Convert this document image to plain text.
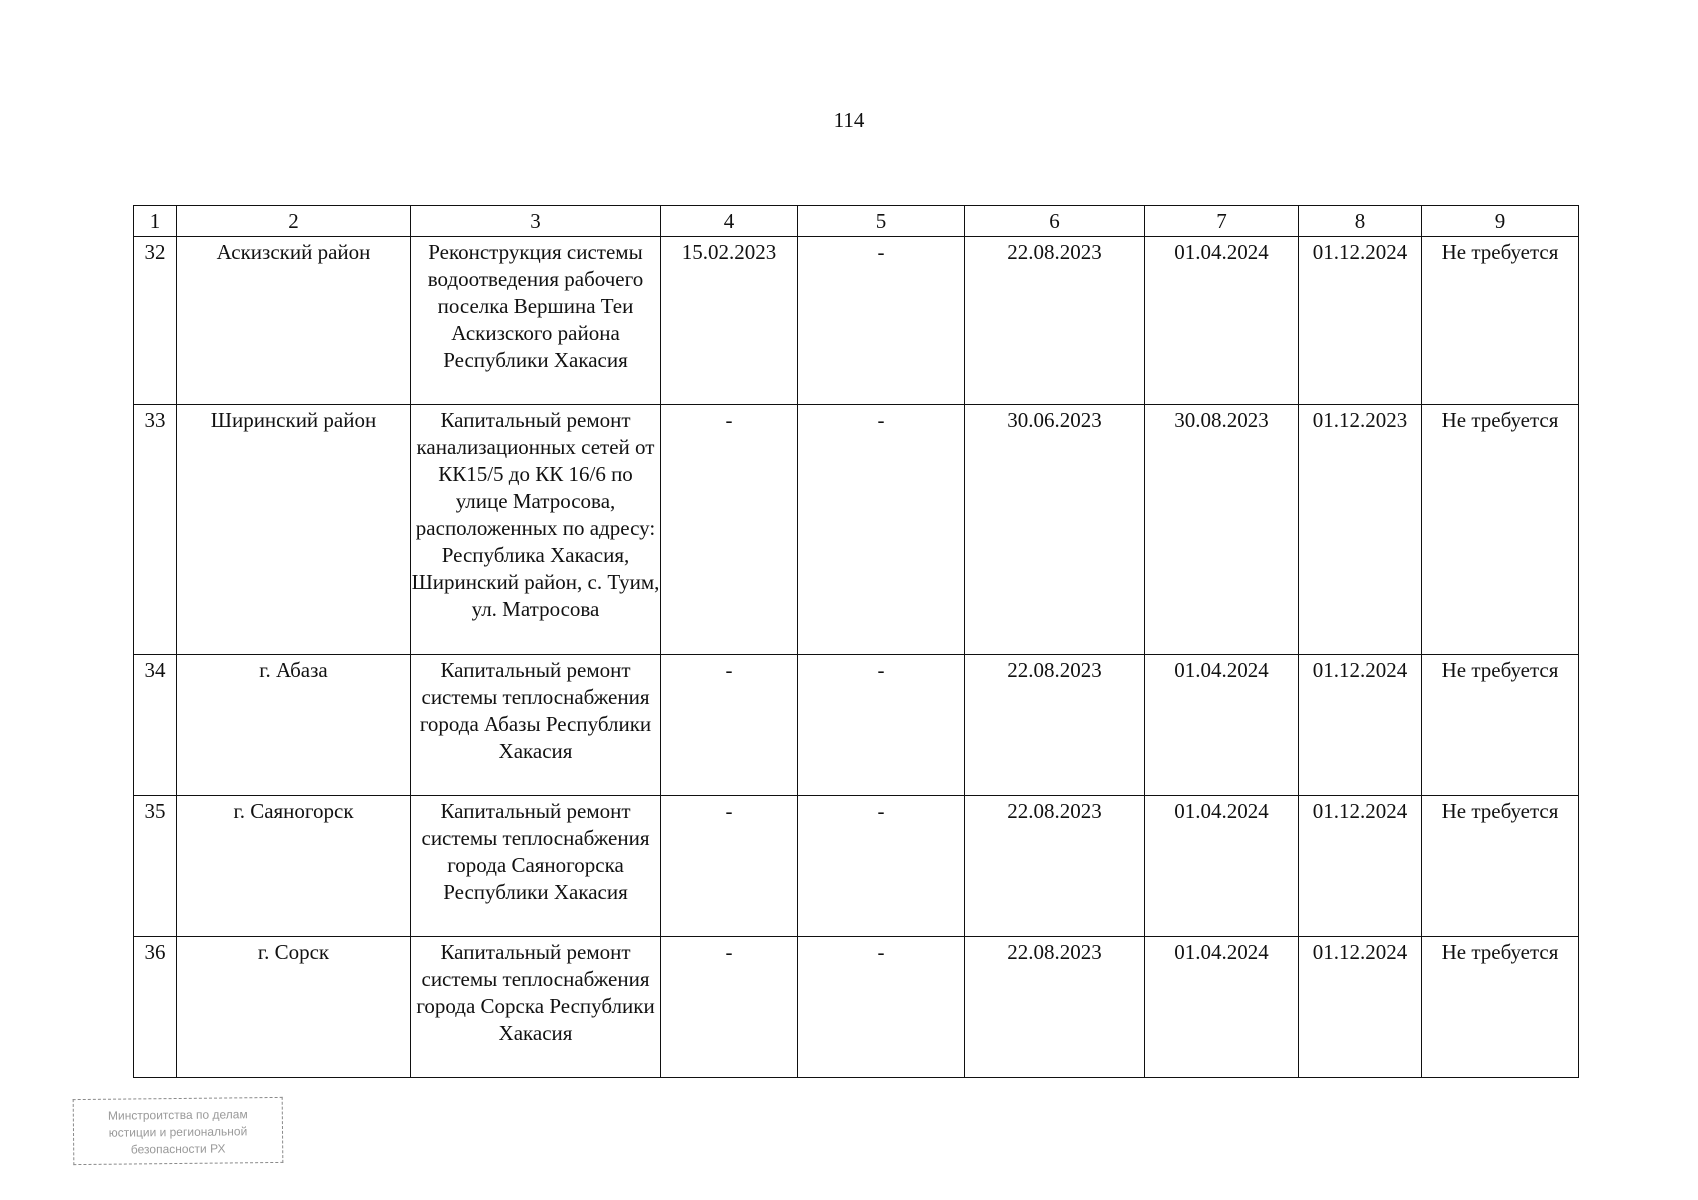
114
1	2	3	4	5	6	7	8	9
32	Аскизский район	Реконструкция системы водоотведения рабочего поселка Вершина Теи Аскизского района Республики Хакасия	15.02.2023	-	22.08.2023	01.04.2024	01.12.2024	Не требуется
33	Ширинский район	Капитальный ремонт канализационных сетей от КК15/5 до КК 16/6 по улице Матросова, расположенных по адресу: Республика Хакасия, Ширинский район, с. Туим, ул. Матросова	-	-	30.06.2023	30.08.2023	01.12.2023	Не требуется
34	г. Абаза	Капитальный ремонт системы теплоснабжения города Абазы Республики Хакасия	-	-	22.08.2023	01.04.2024	01.12.2024	Не требуется
35	г. Саяногорск	Капитальный ремонт системы теплоснабжения города Саяногорска Республики Хакасия	-	-	22.08.2023	01.04.2024	01.12.2024	Не требуется
36	г. Сорск	Капитальный ремонт системы теплоснабжения города Сорска Республики Хакасия	-	-	22.08.2023	01.04.2024	01.12.2024	Не требуется
Минстроитства по делам
юстиции и региональной
безопасности РХ
